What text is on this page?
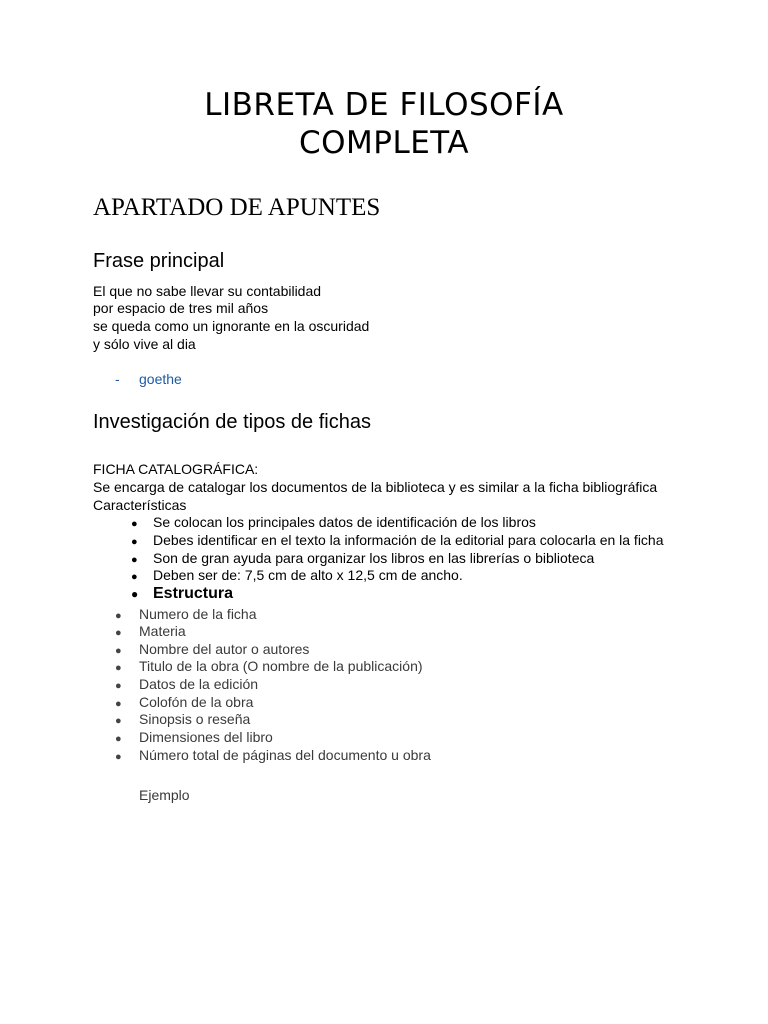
LIBRETA DE FILOSOFÍA
COMPLETA
APARTADO DE APUNTES
Frase principal

El que no sabe llevar su contabilidad

por espacio de tres mil años

se queda como un ignorante en la oscuridad

y sólo vive al dia

- goethe

Investigación de tipos de fichas

FICHA CATALOGRÁFICA:

Se encarga de catalogar los documentos de la biblioteca y es similar a la ficha bibliográfica

Características

● Se colocan los principales datos de identificación de los libros

● Debes identificar en el texto la información de la editorial para colocarla en la ficha

● Son de gran ayuda para organizar los libros en las librerías o biblioteca

● Deben ser de: 7,5 cm de alto x 12,5 cm de ancho.

● Estructura

● Numero de la ficha

● Materia

● Nombre del autor o autores

● Titulo de la obra (O nombre de la publicación)

● Datos de la edición

● Colofón de la obra

● Sinopsis o reseña

● Dimensiones del libro

● Número total de páginas del documento u obra

Ejemplo
